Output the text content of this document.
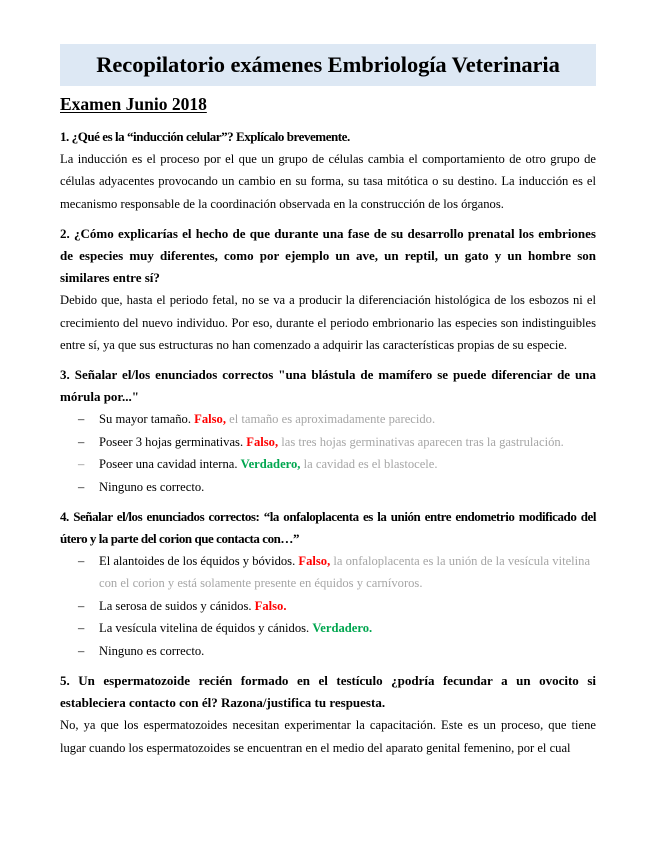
Recopilatorio exámenes Embriología Veterinaria
Examen Junio 2018

1. ¿Qué es la “inducción celular”? Explícalo brevemente.

La inducción es el proceso por el que un grupo de células cambia el comportamiento de otro grupo de células adyacentes provocando un cambio en su forma, su tasa mitótica o su destino. La inducción es el mecanismo responsable de la coordinación observada en la construcción de los órganos.

2. ¿Cómo explicarías el hecho de que durante una fase de su desarrollo prenatal los embriones de especies muy diferentes, como por ejemplo un ave, un reptil, un gato y un hombre son similares entre sí?

Debido que, hasta el periodo fetal, no se va a producir la diferenciación histológica de los esbozos ni el crecimiento del nuevo individuo. Por eso, durante el periodo embrionario las especies son indistinguibles entre sí, ya que sus estructuras no han comenzado a adquirir las características propias de su especie.

3. Señalar el/los enunciados correctos "una blástula de mamífero se puede diferenciar de una mórula por..."

– Su mayor tamaño. Falso, el tamaño es aproximadamente parecido.
– Poseer 3 hojas germinativas. Falso, las tres hojas germinativas aparecen tras la gastrulación.
– Poseer una cavidad interna. Verdadero, la cavidad es el blastocele.
– Ninguno es correcto.

4. Señalar el/los enunciados correctos: “la onfaloplacenta es la unión entre endometrio modificado del útero y la parte del corion que contacta con…”

– El alantoides de los équidos y bóvidos. Falso, la onfaloplacenta es la unión de la vesícula vitelina con el corion y está solamente presente en équidos y carnívoros.
– La serosa de suidos y cánidos. Falso.
– La vesícula vitelina de équidos y cánidos. Verdadero.
– Ninguno es correcto.

5. Un espermatozoide recién formado en el testículo ¿podría fecundar a un ovocito si estableciera contacto con él? Razona/justifica tu respuesta.

No, ya que los espermatozoides necesitan experimentar la capacitación. Este es un proceso, que tiene lugar cuando los espermatozoides se encuentran en el medio del aparato genital femenino, por el cual
